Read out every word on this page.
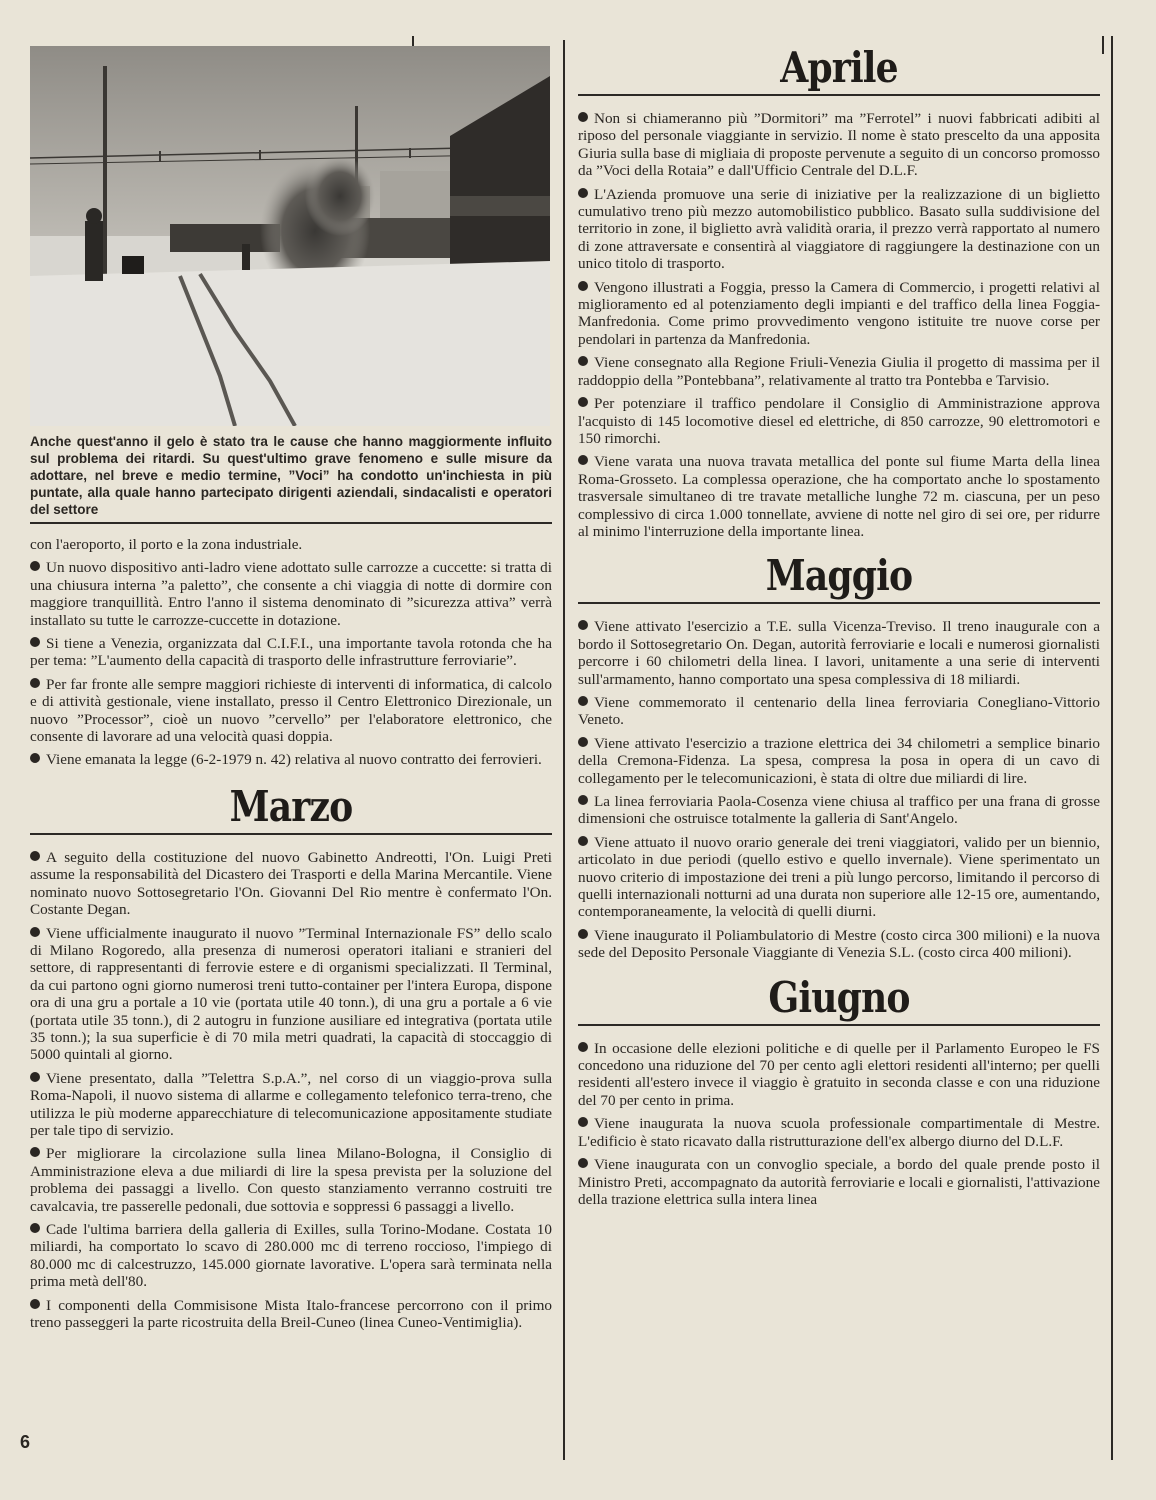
Anche quest'anno il gelo è stato tra le cause che hanno maggiormente influito sul problema dei ritardi. Su quest'ultimo grave fenomeno e sulle misure da adottare, nel breve e medio termine, ”Voci” ha condotto un'inchiesta in più puntate, alla quale hanno partecipato dirigenti aziendali, sindacalisti e operatori del settore
con l'aeroporto, il porto e la zona industriale.
Un nuovo dispositivo anti-ladro viene adottato sulle carrozze a cuccette: si tratta di una chiusura interna ”a paletto”, che consente a chi viaggia di notte di dormire con maggiore tranquillità. Entro l'anno il sistema denominato di ”sicurezza attiva” verrà installato su tutte le carrozze-cuccette in dotazione.
Si tiene a Venezia, organizzata dal C.I.F.I., una importante tavola rotonda che ha per tema: ”L'aumento della capacità di trasporto delle infrastrutture ferroviarie”.
Per far fronte alle sempre maggiori richieste di interventi di informatica, di calcolo e di attività gestionale, viene installato, presso il Centro Elettronico Direzionale, un nuovo ”Processor”, cioè un nuovo ”cervello” per l'elaboratore elettronico, che consente di lavorare ad una velocità quasi doppia.
Viene emanata la legge (6-2-1979 n. 42) relativa al nuovo contratto dei ferrovieri.
Marzo
A seguito della costituzione del nuovo Gabinetto Andreotti, l'On. Luigi Preti assume la responsabilità del Dicastero dei Trasporti e della Marina Mercantile. Viene nominato nuovo Sottosegretario l'On. Giovanni Del Rio mentre è confermato l'On. Costante Degan.
Viene ufficialmente inaugurato il nuovo ”Terminal Internazionale FS” dello scalo di Milano Rogoredo, alla presenza di numerosi operatori italiani e stranieri del settore, di rappresentanti di ferrovie estere e di organismi specializzati. Il Terminal, da cui partono ogni giorno numerosi treni tutto-container per l'intera Europa, dispone ora di una gru a portale a 10 vie (portata utile 40 tonn.), di una gru a portale a 6 vie (portata utile 35 tonn.), di 2 autogru in funzione ausiliare ed integrativa (portata utile 35 tonn.); la sua superficie è di 70 mila metri quadrati, la capacità di stoccaggio di 5000 quintali al giorno.
Viene presentato, dalla ”Telettra S.p.A.”, nel corso di un viaggio-prova sulla Roma-Napoli, il nuovo sistema di allarme e collegamento telefonico terra-treno, che utilizza le più moderne apparecchiature di telecomunicazione appositamente studiate per tale tipo di servizio.
Per migliorare la circolazione sulla linea Milano-Bologna, il Consiglio di Amministrazione eleva a due miliardi di lire la spesa prevista per la soluzione del problema dei passaggi a livello. Con questo stanziamento verranno costruiti tre cavalcavia, tre passerelle pedonali, due sottovia e soppressi 6 passaggi a livello.
Cade l'ultima barriera della galleria di Exilles, sulla Torino-Modane. Costata 10 miliardi, ha comportato lo scavo di 280.000 mc di terreno roccioso, l'impiego di 80.000 mc di calcestruzzo, 145.000 giornate lavorative. L'opera sarà terminata nella prima metà dell'80.
I componenti della Commisisone Mista Italo-francese percorrono con il primo treno passeggeri la parte ricostruita della Breil-Cuneo (linea Cuneo-Ventimiglia).
Aprile
Non si chiameranno più ”Dormitori” ma ”Ferrotel” i nuovi fabbricati adibiti al riposo del personale viaggiante in servizio. Il nome è stato prescelto da una apposita Giuria sulla base di migliaia di proposte pervenute a seguito di un concorso promosso da ”Voci della Rotaia” e dall'Ufficio Centrale del D.L.F.
L'Azienda promuove una serie di iniziative per la realizzazione di un biglietto cumulativo treno più mezzo automobilistico pubblico. Basato sulla suddivisione del territorio in zone, il biglietto avrà validità oraria, il prezzo verrà rapportato al numero di zone attraversate e consentirà al viaggiatore di raggiungere la destinazione con un unico titolo di trasporto.
Vengono illustrati a Foggia, presso la Camera di Commercio, i progetti relativi al miglioramento ed al potenziamento degli impianti e del traffico della linea Foggia-Manfredonia. Come primo provvedimento vengono istituite tre nuove corse per pendolari in partenza da Manfredonia.
Viene consegnato alla Regione Friuli-Venezia Giulia il progetto di massima per il raddoppio della ”Pontebbana”, relativamente al tratto tra Pontebba e Tarvisio.
Per potenziare il traffico pendolare il Consiglio di Amministrazione approva l'acquisto di 145 locomotive diesel ed elettriche, di 850 carrozze, 90 elettromotori e 150 rimorchi.
Viene varata una nuova travata metallica del ponte sul fiume Marta della linea Roma-Grosseto. La complessa operazione, che ha comportato anche lo spostamento trasversale simultaneo di tre travate metalliche lunghe 72 m. ciascuna, per un peso complessivo di circa 1.000 tonnellate, avviene di notte nel giro di sei ore, per ridurre al minimo l'interruzione della importante linea.
Maggio
Viene attivato l'esercizio a T.E. sulla Vicenza-Treviso. Il treno inaugurale con a bordo il Sottosegretario On. Degan, autorità ferroviarie e locali e numerosi giornalisti percorre i 60 chilometri della linea. I lavori, unitamente a una serie di interventi sull'armamento, hanno comportato una spesa complessiva di 18 miliardi.
Viene commemorato il centenario della linea ferroviaria Conegliano-Vittorio Veneto.
Viene attivato l'esercizio a trazione elettrica dei 34 chilometri a semplice binario della Cremona-Fidenza. La spesa, compresa la posa in opera di un cavo di collegamento per le telecomunicazioni, è stata di oltre due miliardi di lire.
La linea ferroviaria Paola-Cosenza viene chiusa al traffico per una frana di grosse dimensioni che ostruisce totalmente la galleria di Sant'Angelo.
Viene attuato il nuovo orario generale dei treni viaggiatori, valido per un biennio, articolato in due periodi (quello estivo e quello invernale). Viene sperimentato un nuovo criterio di impostazione dei treni a più lungo percorso, limitando il percorso di quelli internazionali notturni ad una durata non superiore alle 12-15 ore, aumentando, contemporaneamente, la velocità di quelli diurni.
Viene inaugurato il Poliambulatorio di Mestre (costo circa 300 milioni) e la nuova sede del Deposito Personale Viaggiante di Venezia S.L. (costo circa 400 milioni).
Giugno
In occasione delle elezioni politiche e di quelle per il Parlamento Europeo le FS concedono una riduzione del 70 per cento agli elettori residenti all'interno; per quelli residenti all'estero invece il viaggio è gratuito in seconda classe e con una riduzione del 70 per cento in prima.
Viene inaugurata la nuova scuola professionale compartimentale di Mestre. L'edificio è stato ricavato dalla ristrutturazione dell'ex albergo diurno del D.L.F.
Viene inaugurata con un convoglio speciale, a bordo del quale prende posto il Ministro Preti, accompagnato da autorità ferroviarie e locali e giornalisti, l'attivazione della trazione elettrica sulla intera linea
6
